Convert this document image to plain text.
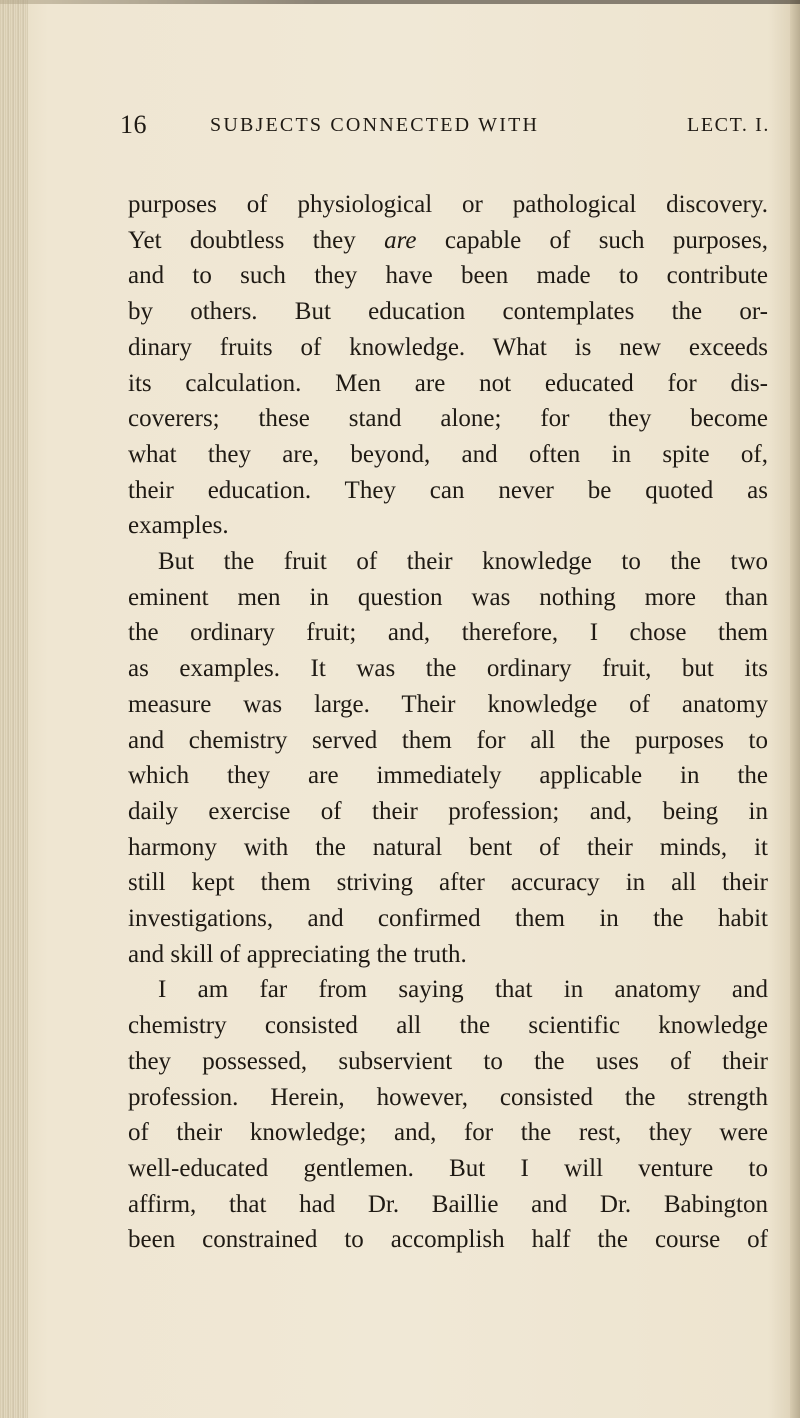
16	SUBJECTS CONNECTED WITH	LECT. I.
purposes of physiological or pathological discovery.
Yet doubtless they are capable of such purposes,
and to such they have been made to contribute
by others. But education contemplates the or-
dinary fruits of knowledge. What is new exceeds
its calculation. Men are not educated for dis-
coverers; these stand alone; for they become
what they are, beyond, and often in spite of,
their education. They can never be quoted as
examples.
But the fruit of their knowledge to the two
eminent men in question was nothing more than
the ordinary fruit; and, therefore, I chose them
as examples. It was the ordinary fruit, but its
measure was large. Their knowledge of anatomy
and chemistry served them for all the purposes to
which they are immediately applicable in the
daily exercise of their profession; and, being in
harmony with the natural bent of their minds, it
still kept them striving after accuracy in all their
investigations, and confirmed them in the habit
and skill of appreciating the truth.
I am far from saying that in anatomy and
chemistry consisted all the scientific knowledge
they possessed, subservient to the uses of their
profession. Herein, however, consisted the strength
of their knowledge; and, for the rest, they were
well-educated gentlemen. But I will venture to
affirm, that had Dr. Baillie and Dr. Babington
been constrained to accomplish half the course of
